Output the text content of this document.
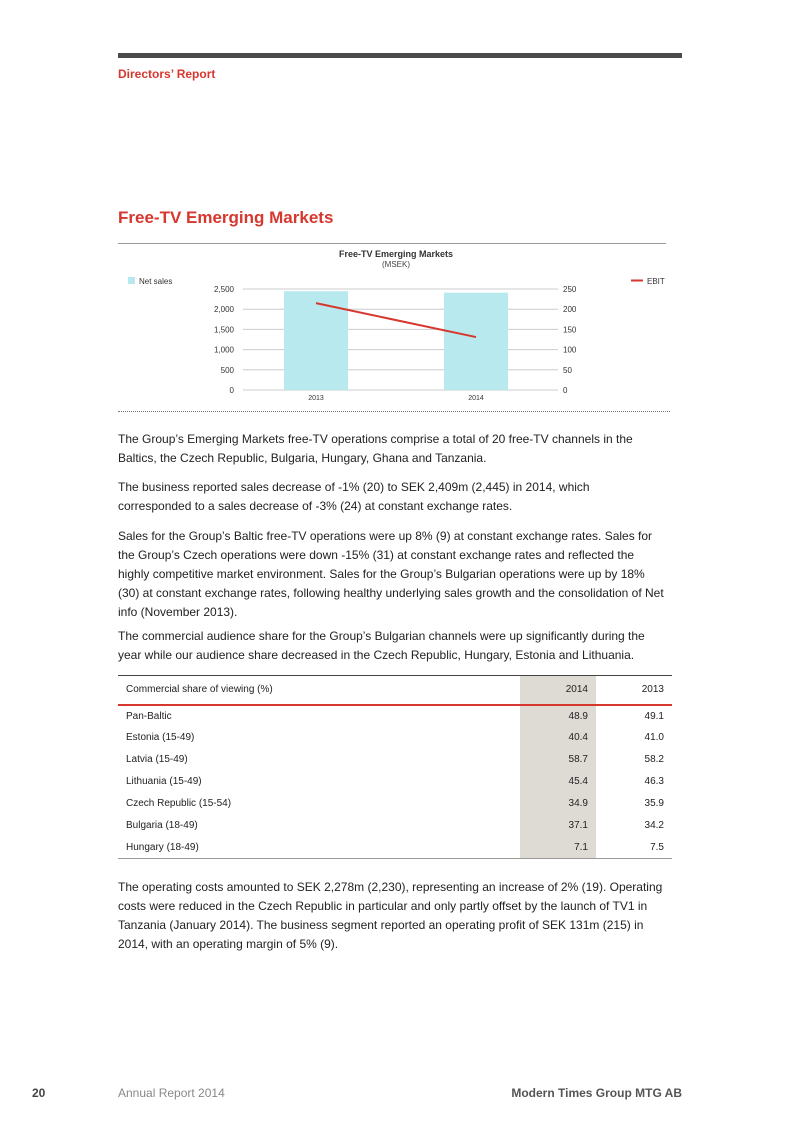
Directors’ Report
Free-TV Emerging Markets
Free-TV Emerging Markets
(MSEK)
Net sales	EBIT
0	0
500	50
1,000	100
1,500	150
2,000	200
2,500	250
2013	2014

The Group’s Emerging Markets free-TV operations comprise a total of 20 free-TV channels in the Baltics, the Czech Republic, Bulgaria, Hungary, Ghana and Tanzania.

The business reported sales decrease of -1% (20) to SEK 2,409m (2,445) in 2014, which corresponded to a sales decrease of -3% (24) at constant exchange rates.

Sales for the Group’s Baltic free-TV operations were up 8% (9) at constant exchange rates. Sales for the Group’s Czech operations were down -15% (31) at constant exchange rates and reflected the highly competitive market environment. Sales for the Group’s Bulgarian operations were up by 18% (30) at constant exchange rates, following healthy underlying sales growth and the consolidation of Net info (November 2013).

The commercial audience share for the Group’s Bulgarian channels were up significantly during the year while our audience share decreased in the Czech Republic, Hungary, Estonia and Lithuania.

Commercial share of viewing (%)	2014	2013
Pan-Baltic	48.9	49.1
Estonia (15-49)	40.4	41.0
Latvia (15-49)	58.7	58.2
Lithuania (15-49)	45.4	46.3
Czech Republic (15-54)	34.9	35.9
Bulgaria (18-49)	37.1	34.2
Hungary (18-49)	7.1	7.5

The operating costs amounted to SEK 2,278m (2,230), representing an increase of 2% (19). Operating costs were reduced in the Czech Republic in particular and only partly offset by the launch of TV1 in Tanzania (January 2014). The business segment reported an operating profit of SEK 131m (215) in 2014, with an operating margin of 5% (9).

20	Annual Report 2014	Modern Times Group MTG AB
